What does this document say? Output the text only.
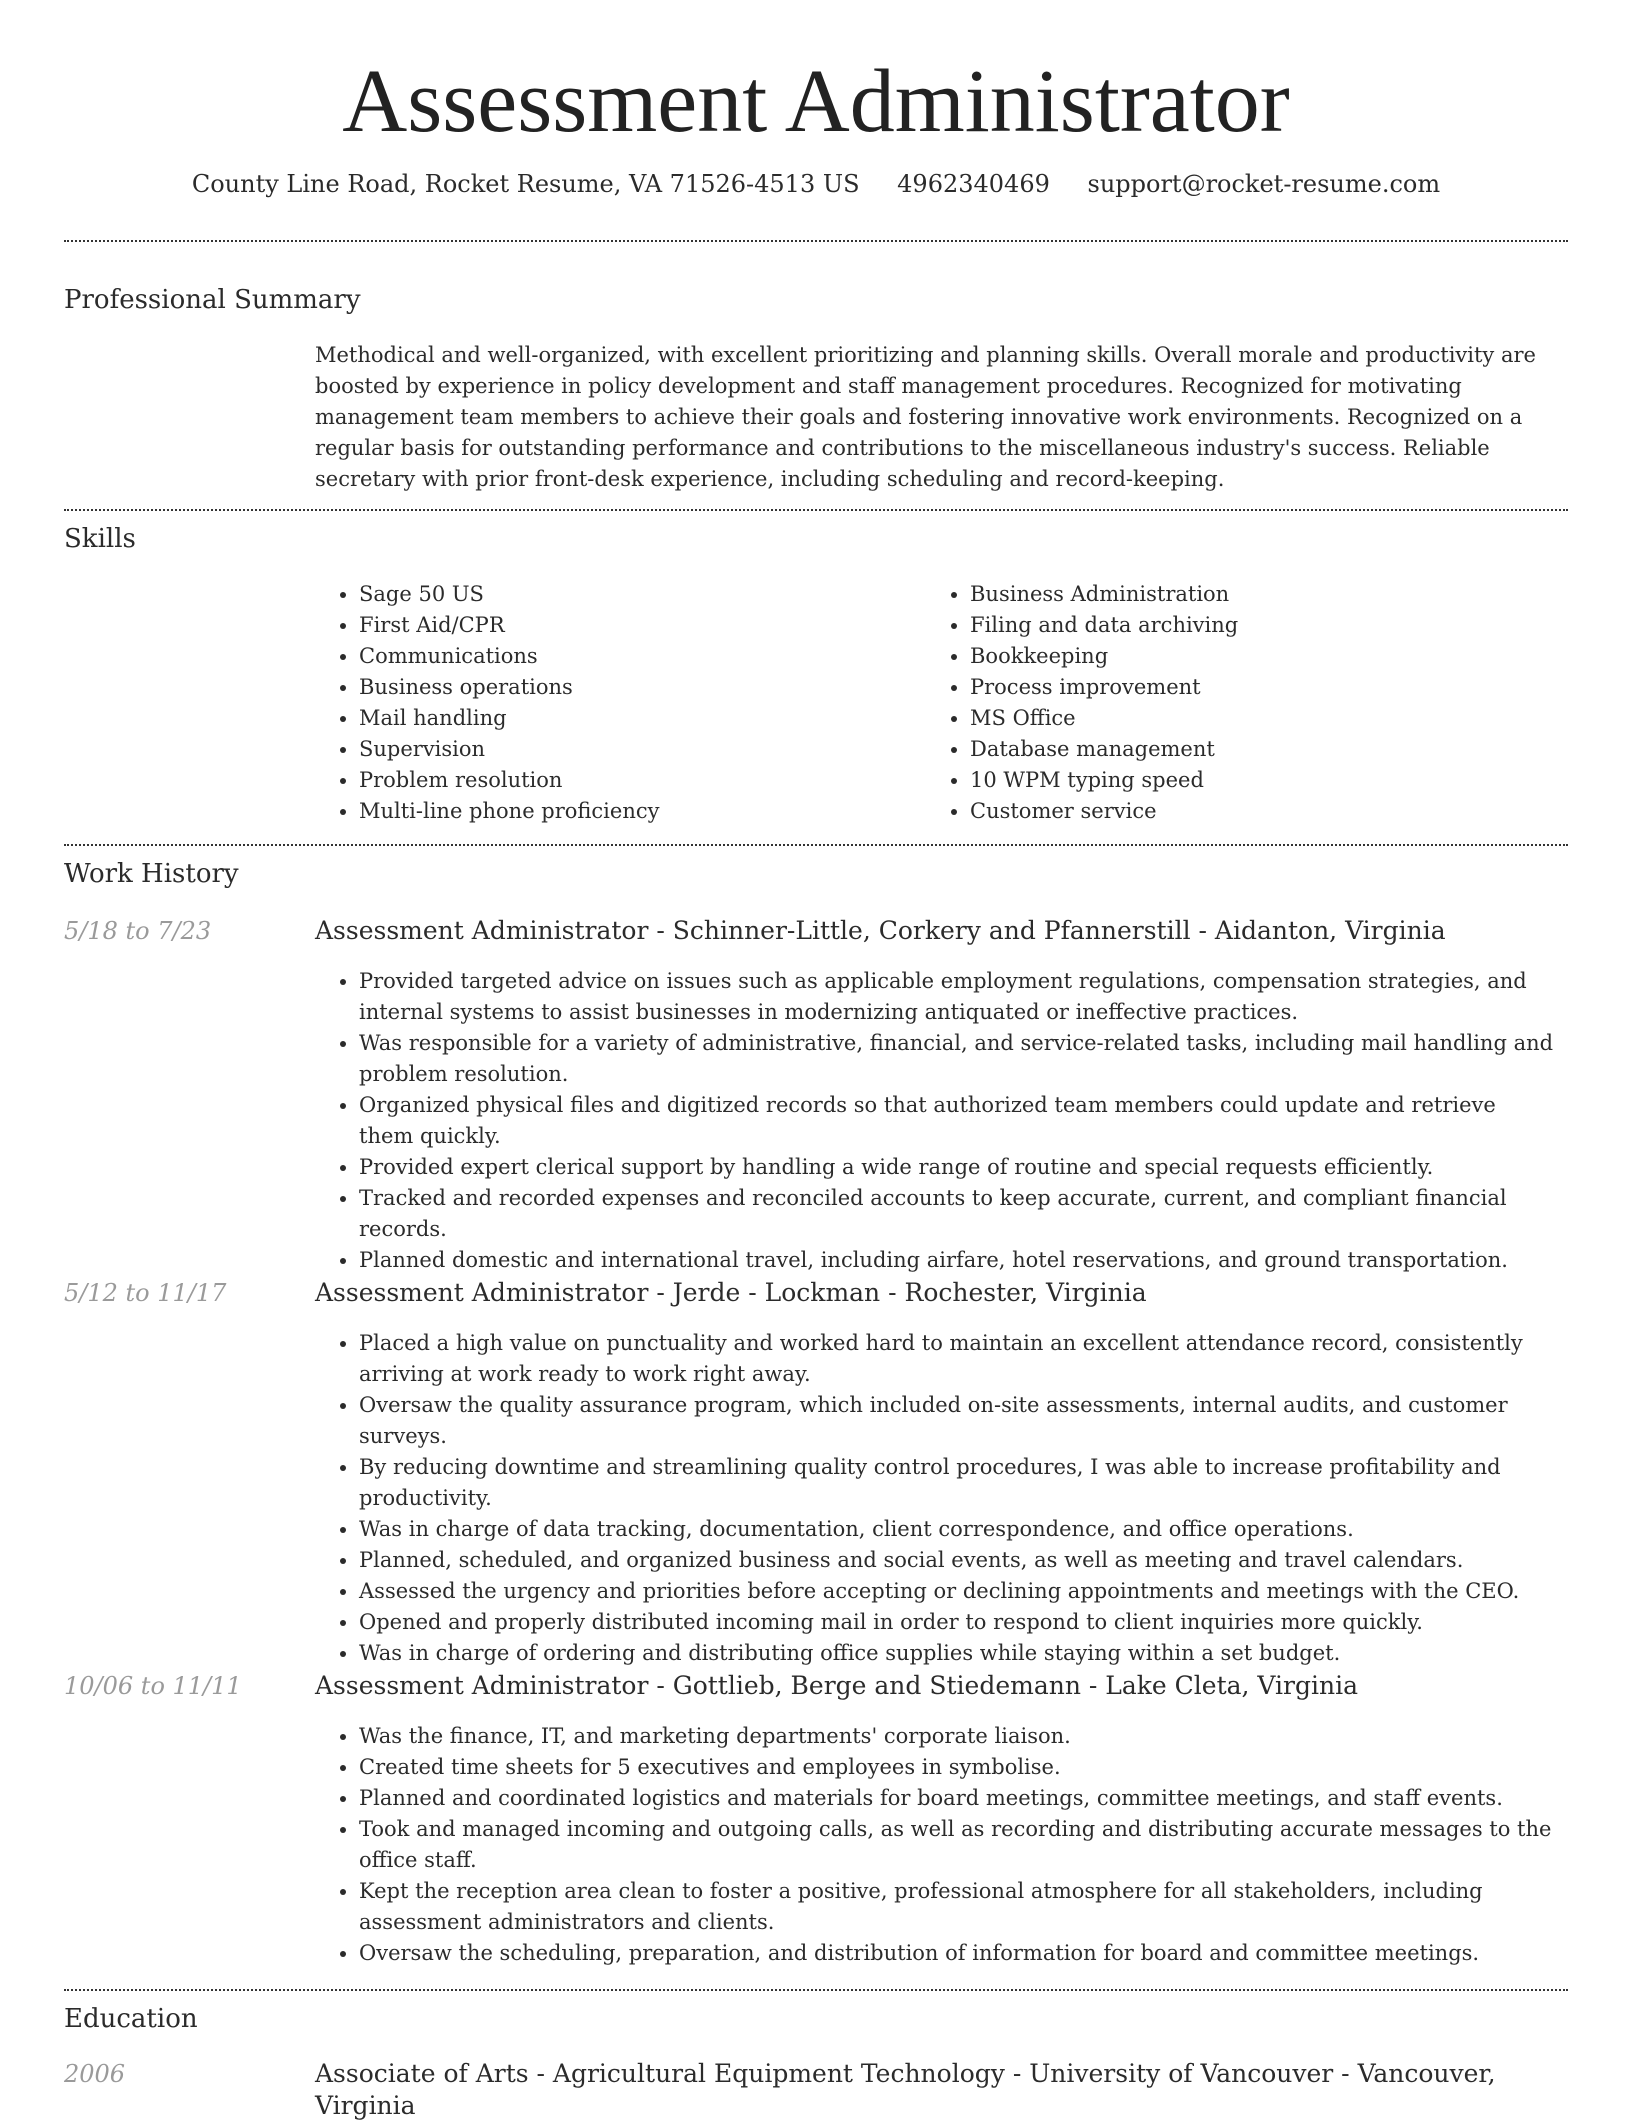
Assessment Administrator
County Line Road, Rocket Resume, VA 71526-4513 US 4962340469 support@rocket-resume.com
Professional Summary

Methodical and well-organized, with excellent prioritizing and planning skills. Overall morale and productivity are boosted by experience in policy development and staff management procedures. Recognized for motivating management team members to achieve their goals and fostering innovative work environments. Recognized on a regular basis for outstanding performance and contributions to the miscellaneous industry's success. Reliable secretary with prior front-desk experience, including scheduling and record-keeping.

Skills
• Sage 50 US
• First Aid/CPR
• Communications
• Business operations
• Mail handling
• Supervision
• Problem resolution
• Multi-line phone proficiency
• Business Administration
• Filing and data archiving
• Bookkeeping
• Process improvement
• MS Office
• Database management
• 10 WPM typing speed
• Customer service
Work History
5/18 to 7/23	Assessment Administrator - Schinner-Little, Corkery and Pfannerstill - Aidanton, Virginia
• Provided targeted advice on issues such as applicable employment regulations, compensation strategies, and internal systems to assist businesses in modernizing antiquated or ineffective practices.
• Was responsible for a variety of administrative, financial, and service-related tasks, including mail handling and problem resolution.
• Organized physical files and digitized records so that authorized team members could update and retrieve them quickly.
• Provided expert clerical support by handling a wide range of routine and special requests efficiently.
• Tracked and recorded expenses and reconciled accounts to keep accurate, current, and compliant financial records.
• Planned domestic and international travel, including airfare, hotel reservations, and ground transportation.
5/12 to 11/17	Assessment Administrator - Jerde - Lockman - Rochester, Virginia
• Placed a high value on punctuality and worked hard to maintain an excellent attendance record, consistently arriving at work ready to work right away.
• Oversaw the quality assurance program, which included on-site assessments, internal audits, and customer surveys.
• By reducing downtime and streamlining quality control procedures, I was able to increase profitability and productivity.
• Was in charge of data tracking, documentation, client correspondence, and office operations.
• Planned, scheduled, and organized business and social events, as well as meeting and travel calendars.
• Assessed the urgency and priorities before accepting or declining appointments and meetings with the CEO.
• Opened and properly distributed incoming mail in order to respond to client inquiries more quickly.
• Was in charge of ordering and distributing office supplies while staying within a set budget.
10/06 to 11/11	Assessment Administrator - Gottlieb, Berge and Stiedemann - Lake Cleta, Virginia
• Was the finance, IT, and marketing departments' corporate liaison.
• Created time sheets for 5 executives and employees in symbolise.
• Planned and coordinated logistics and materials for board meetings, committee meetings, and staff events.
• Took and managed incoming and outgoing calls, as well as recording and distributing accurate messages to the office staff.
• Kept the reception area clean to foster a positive, professional atmosphere for all stakeholders, including assessment administrators and clients.
• Oversaw the scheduling, preparation, and distribution of information for board and committee meetings.
Education
2006	Associate of Arts - Agricultural Equipment Technology - University of Vancouver - Vancouver, Virginia
